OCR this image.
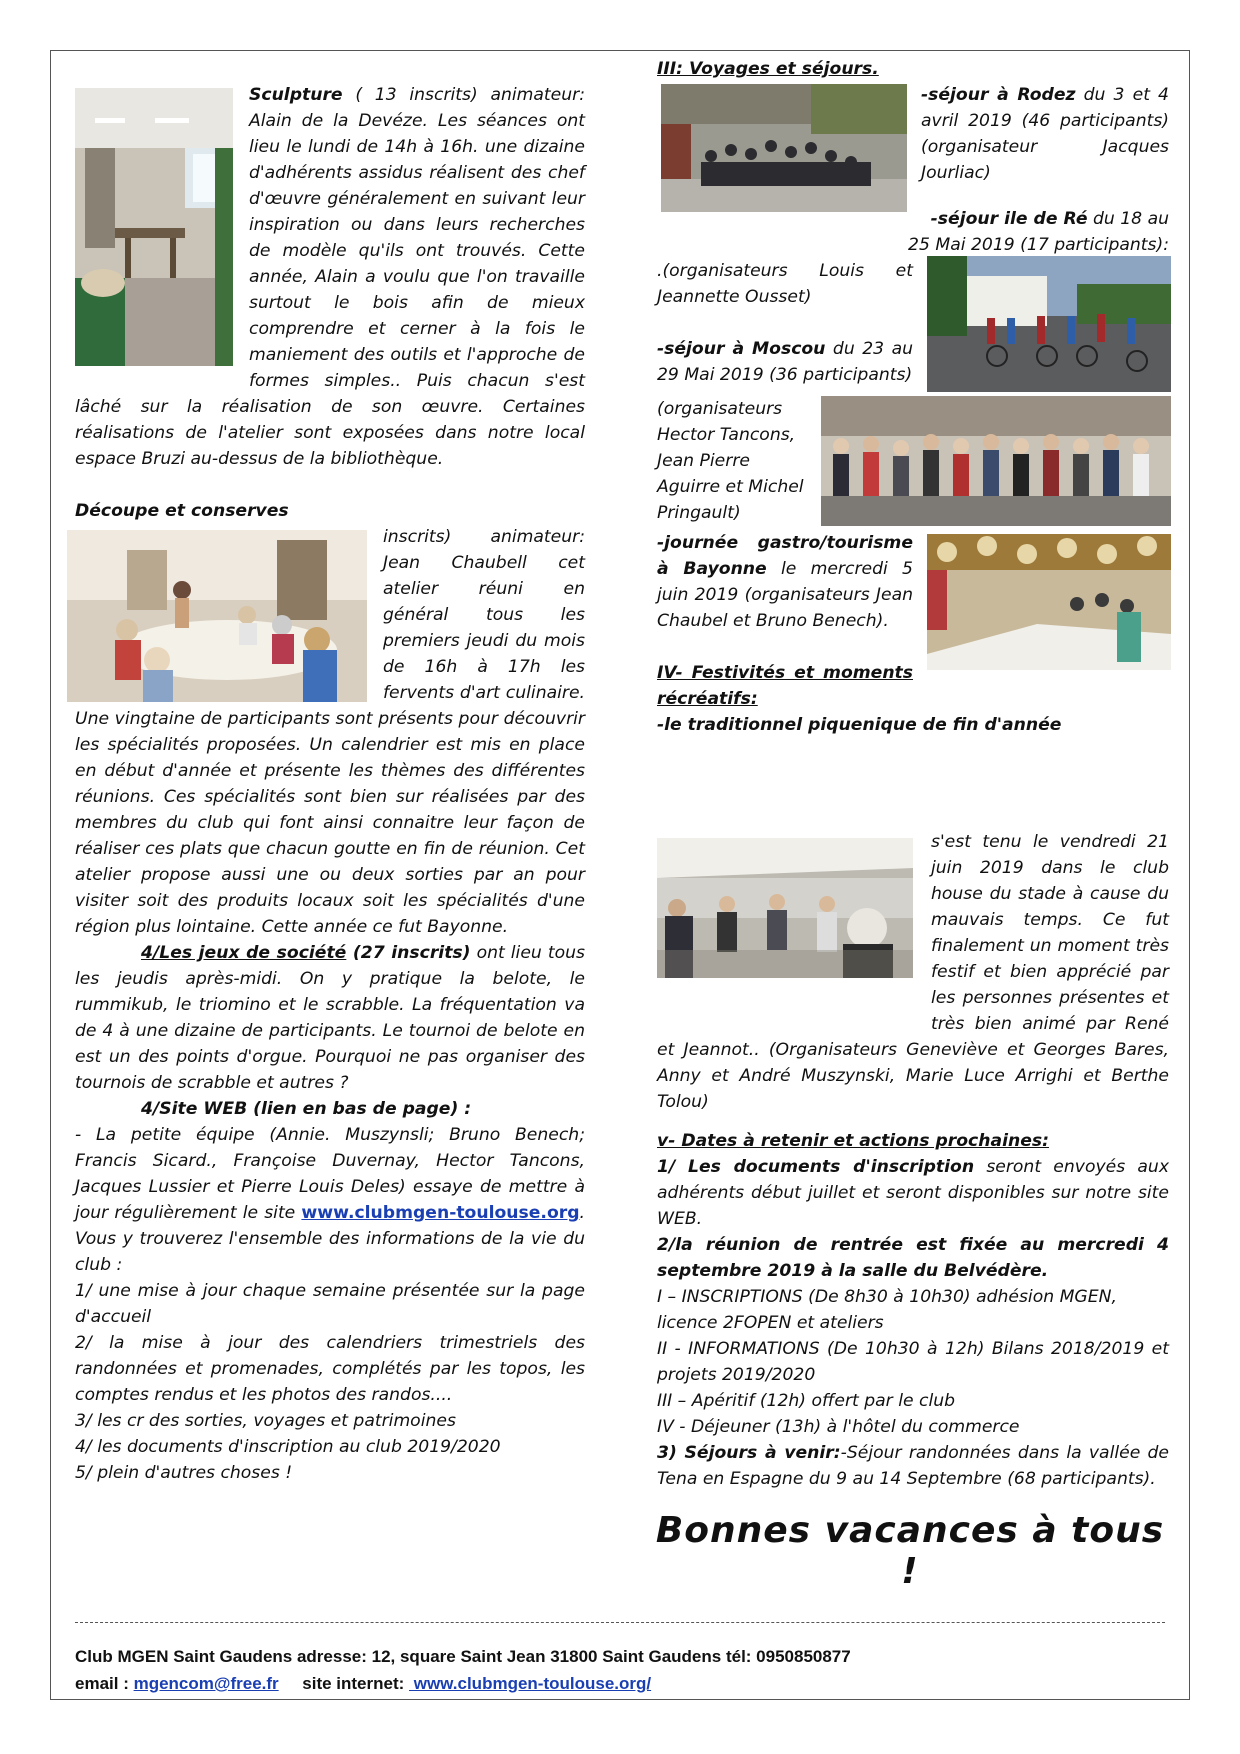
Sculpture ( 13 inscrits) animateur: Alain de la Devéze. Les séances ont lieu le lundi de 14h à 16h. une dizaine d'adhérents assidus réalisent des chef d'œuvre généralement en suivant leur inspiration ou dans leurs recherches de modèle qu'ils ont trouvés. Cette année, Alain a voulu que l'on travaille surtout le bois afin de mieux comprendre et cerner à la fois le maniement des outils et l'approche de formes simples.. Puis chacun s'est lâché sur la réalisation de son œuvre. Certaines réalisations de l'atelier sont exposées dans notre local espace Bruzi au-dessus de la bibliothèque.

Découpe et conserves

inscrits) animateur: Jean Chaubell cet atelier réuni en général tous les premiers jeudi du mois de 16h à 17h les fervents d'art culinaire. Une vingtaine de participants sont présents pour découvrir les spécialités proposées. Un calendrier est mis en place en début d'année et présente les thèmes des différentes réunions. Ces spécialités sont bien sur réalisées par des membres du club qui font ainsi connaitre leur façon de réaliser ces plats que chacun goutte en fin de réunion. Cet atelier propose aussi une ou deux sorties par an pour visiter soit des produits locaux soit les spécialités d'une région plus lointaine. Cette année ce fut Bayonne.

4/Les jeux de société (27 inscrits) ont lieu tous les jeudis après-midi. On y pratique la belote, le rummikub, le triomino et le scrabble. La fréquentation va de 4 à une dizaine de participants. Le tournoi de belote en est un des points d'orgue. Pourquoi ne pas organiser des tournois de scrabble et autres ?
4/Site WEB (lien en bas de page) :
- La petite équipe (Annie. Muszynsli; Bruno Benech; Francis Sicard., Françoise Duvernay, Hector Tancons, Jacques Lussier et Pierre Louis Deles) essaye de mettre à jour régulièrement le site www.clubmgen-toulouse.org. Vous y trouverez l'ensemble des informations de la vie du club :
1/ une mise à jour chaque semaine présentée sur la page d'accueil
2/ la mise à jour des calendriers trimestriels des randonnées et promenades, complétés par les topos, les comptes rendus et les photos des randos....
3/ les cr des sorties, voyages et patrimoines
4/ les documents d'inscription au club 2019/2020
5/ plein d'autres choses !
III: Voyages et séjours.

-séjour à Rodez
du 3 et 4 avril 2019 (46 participants) (organisateur Jacques Jourliac)

-séjour ile de Ré du 18 au 25 Mai 2019 (17 participants):

.(organisateurs Louis et Jeannette Ousset)
-séjour à Moscou du 23 au 29 Mai 2019 (36 participants)

(organisateurs Hector Tancons, Jean Pierre Aguirre et Michel Pringault)

-journée gastro/tourisme à Bayonne le mercredi 5 juin 2019 (organisateurs Jean Chaubel et Bruno Benech).
IV- Festivités et moments récréatifs:
-le traditionnel piquenique de fin d'année

s'est tenu le vendredi 21 juin 2019 dans le club house du stade à cause du mauvais temps. Ce fut finalement un moment très festif et bien apprécié par les personnes présentes et très bien animé par René et Jeannot.. (Organisateurs Geneviève et Georges Bares, Anny et André Muszynski, Marie Luce Arrighi et Berthe Tolou)
v- Dates à retenir et actions prochaines:
1/ Les documents d'inscription seront envoyés aux adhérents début juillet et seront disponibles sur notre site WEB.
2/la réunion de rentrée est fixée au mercredi 4 septembre 2019 à la salle du Belvédère.
I – INSCRIPTIONS (De 8h30 à 10h30) adhésion MGEN, licence 2FOPEN et ateliers
II - INFORMATIONS (De 10h30 à 12h) Bilans 2018/2019 et projets 2019/2020
III – Apéritif (12h) offert par le club
IV - Déjeuner (13h) à l'hôtel du commerce
3) Séjours à venir:-Séjour randonnées dans la vallée de Tena en Espagne du 9 au 14 Septembre (68 participants).
Bonnes vacances à tous !
Club MGEN Saint Gaudens adresse: 12, square Saint Jean 31800 Saint Gaudens tél: 0950850877
email : mgencom@free.fr     site internet:  www.clubmgen-toulouse.org/
